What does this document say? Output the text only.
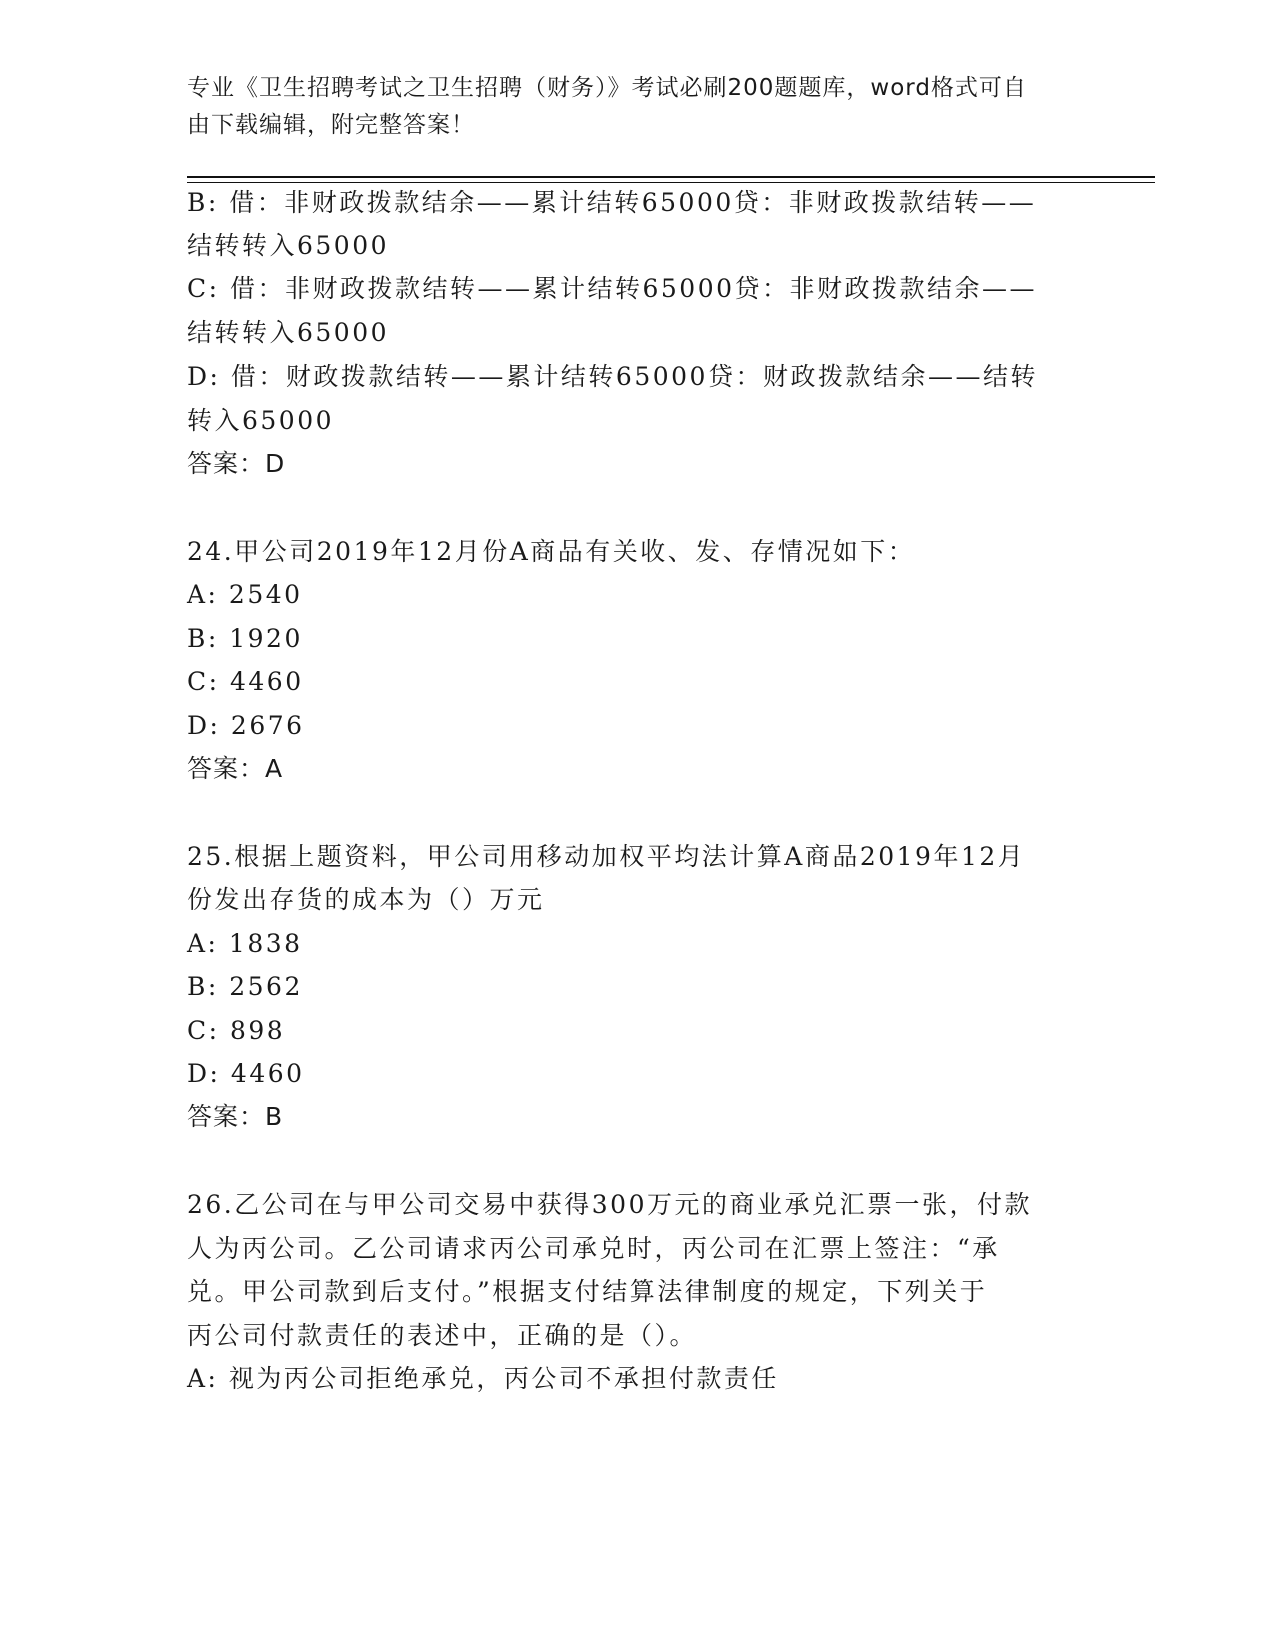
专业《卫生招聘考试之卫生招聘（财务）》考试必刷200题题库，word格式可自
由下载编辑，附完整答案！

B: 借：非财政拨款结余——累计结转65000贷：非财政拨款结转——

结转转入65000

C: 借：非财政拨款结转——累计结转65000贷：非财政拨款结余——

结转转入65000

D: 借：财政拨款结转——累计结转65000贷：财政拨款结余——结转

转入65000

答案：D

24.甲公司2019年12月份A商品有关收、发、存情况如下：

A: 2540

B: 1920

C: 4460

D: 2676

答案：A

25.根据上题资料，甲公司用移动加权平均法计算A商品2019年12月

份发出存货的成本为（）万元

A: 1838

B: 2562

C: 898

D: 4460

答案：B

26.乙公司在与甲公司交易中获得300万元的商业承兑汇票一张，付款

人为丙公司。乙公司请求丙公司承兑时，丙公司在汇票上签注：“承

兑。甲公司款到后支付。”根据支付结算法律制度的规定，下列关于

丙公司付款责任的表述中，正确的是（）。

A: 视为丙公司拒绝承兑，丙公司不承担付款责任
